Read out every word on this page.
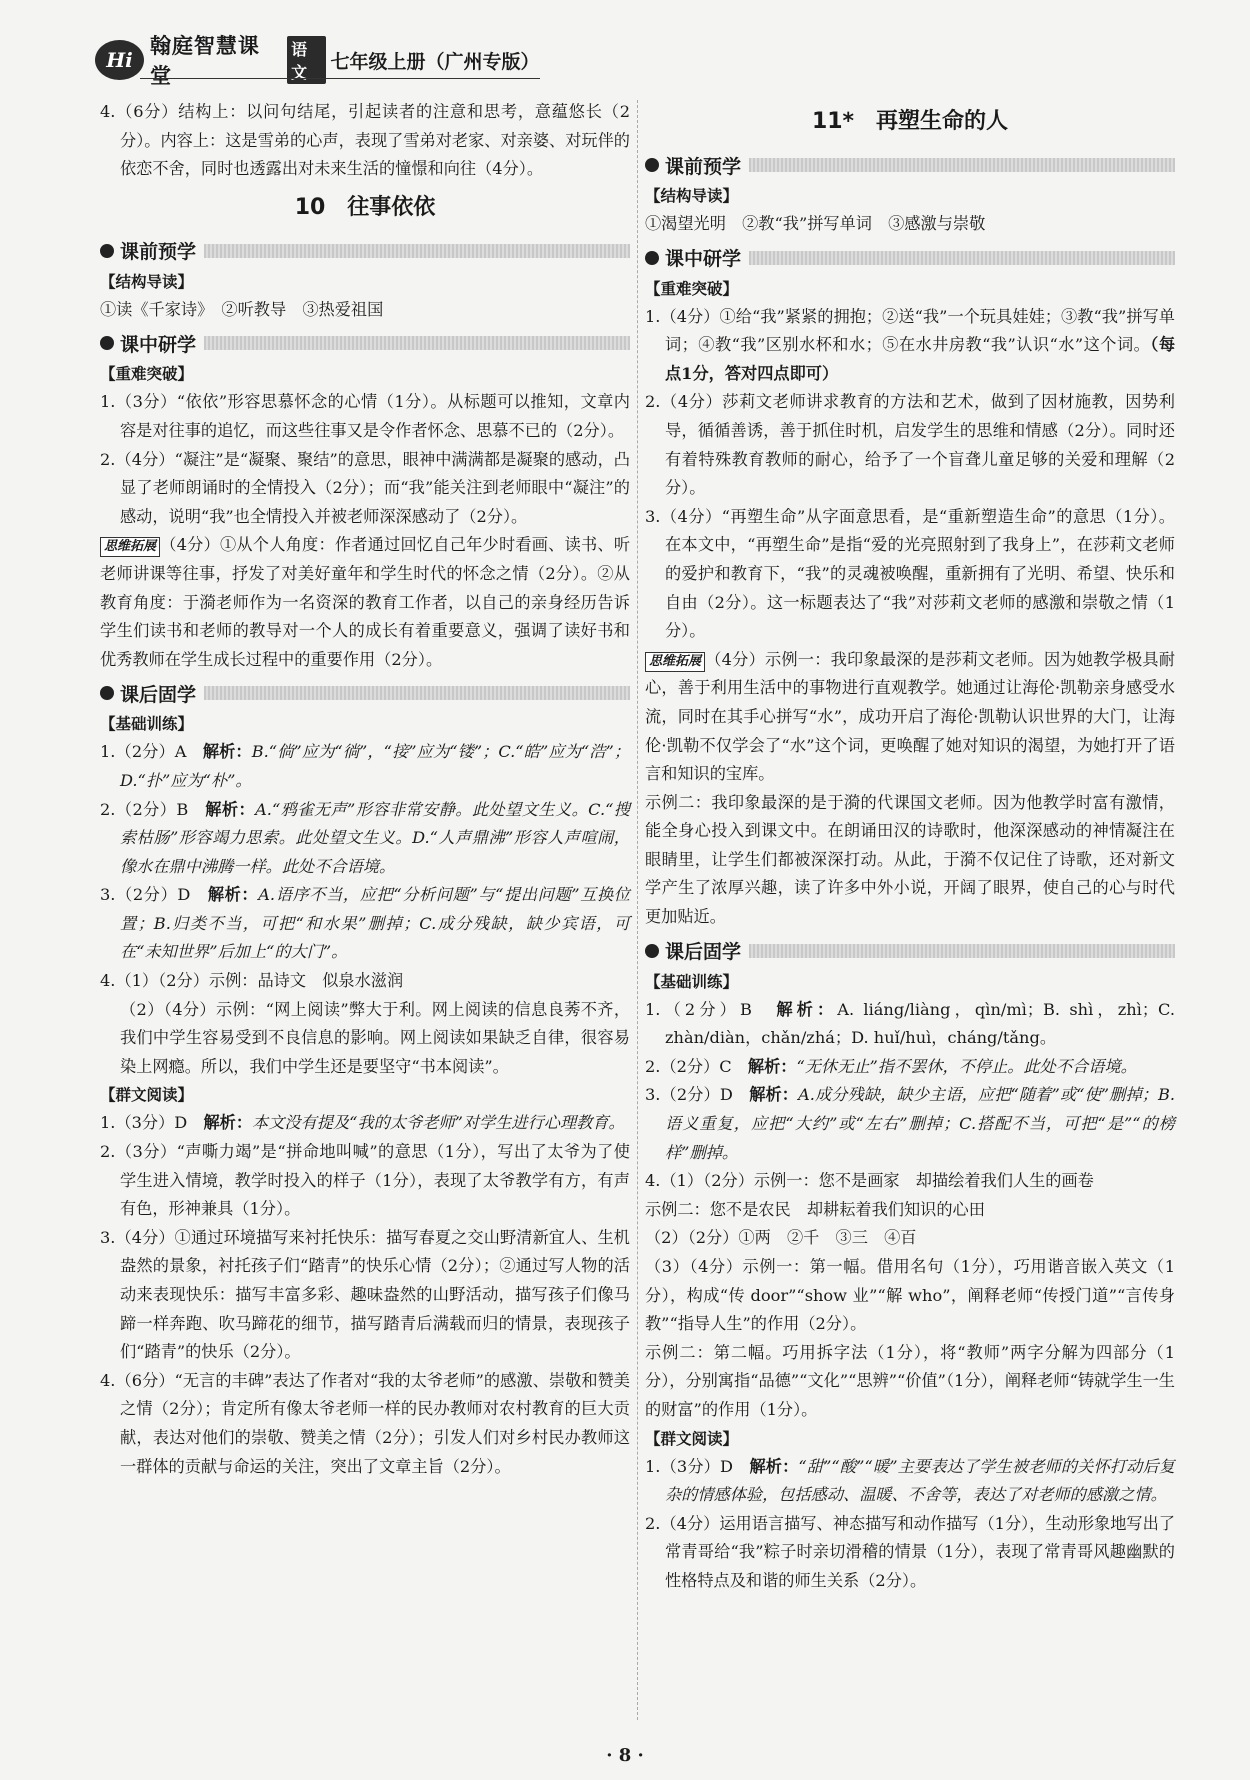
Hi
翰庭智慧课堂
语文	七年级上册（广州专版）

4.（6分）结构上：以问句结尾，引起读者的注意和思考，意蕴悠长（2分）。内容上：这是雪弟的心声，表现了雪弟对老家、对亲婆、对玩伴的依恋不舍，同时也透露出对未来生活的憧憬和向往（4分）。

10　往事依依
课前预学
【结构导读】

①读《千家诗》　②听教导　③热爱祖国

课中研学
【重难突破】

1.（3分）“依依”形容思慕怀念的心情（1分）。从标题可以推知，文章内容是对往事的追忆，而这些往事又是令作者怀念、思慕不已的（2分）。

2.（4分）“凝注”是“凝聚、聚结”的意思，眼神中满满都是凝聚的感动，凸显了老师朗诵时的全情投入（2分）；而“我”能关注到老师眼中“凝注”的感动，说明“我”也全情投入并被老师深深感动了（2分）。

思维拓展 （4分）①从个人角度：作者通过回忆自己年少时看画、读书、听老师讲课等往事，抒发了对美好童年和学生时代的怀念之情（2分）。②从教育角度：于漪老师作为一名资深的教育工作者，以自己的亲身经历告诉学生们读书和老师的教导对一个人的成长有着重要意义，强调了读好书和优秀教师在学生成长过程中的重要作用（2分）。

课后固学
【基础训练】

1.（2分）A　解析：B.“倘”应为“徜”，“接”应为“镂”；C.“皓”应为“浩”；D.“扑”应为“朴”。

2.（2分）B　解析：A.“鸦雀无声”形容非常安静。此处望文生义。C.“搜索枯肠”形容竭力思索。此处望文生义。D.“人声鼎沸”形容人声喧闹，像水在鼎中沸腾一样。此处不合语境。

3.（2分）D　解析：A.语序不当，应把“分析问题”与“提出问题”互换位置；B.归类不当，可把“和水果”删掉；C.成分残缺，缺少宾语，可在“未知世界”后加上“的大门”。

4.（1）（2分）示例：品诗文　似泉水滋润

（2）（4分）示例：“网上阅读”弊大于利。网上阅读的信息良莠不齐，我们中学生容易受到不良信息的影响。网上阅读如果缺乏自律，很容易染上网瘾。所以，我们中学生还是要坚守“书本阅读”。

【群文阅读】

1.（3分）D　解析：本文没有提及“我的太爷老师”对学生进行心理教育。

2.（3分）“声嘶力竭”是“拼命地叫喊”的意思（1分），写出了太爷为了使学生进入情境，教学时投入的样子（1分），表现了太爷教学有方，有声有色，形神兼具（1分）。

3.（4分）①通过环境描写来衬托快乐：描写春夏之交山野清新宜人、生机盎然的景象，衬托孩子们“踏青”的快乐心情（2分）；②通过写人物的活动来表现快乐：描写丰富多彩、趣味盎然的山野活动，描写孩子们像马蹄一样奔跑、吹马蹄花的细节，描写踏青后满载而归的情景，表现孩子们“踏青”的快乐（2分）。

4.（6分）“无言的丰碑”表达了作者对“我的太爷老师”的感激、崇敬和赞美之情（2分）；肯定所有像太爷老师一样的民办教师对农村教育的巨大贡献，表达对他们的崇敬、赞美之情（2分）；引发人们对乡村民办教师这一群体的贡献与命运的关注，突出了文章主旨（2分）。

11*　再塑生命的人
课前预学
【结构导读】

①渴望光明　②教“我”拼写单词　③感激与崇敬

课中研学
【重难突破】

1.（4分）①给“我”紧紧的拥抱；②送“我”一个玩具娃娃；③教“我”拼写单词；④教“我”区别水杯和水；⑤在水井房教“我”认识“水”这个词。（每点1分，答对四点即可）

2.（4分）莎莉文老师讲求教育的方法和艺术，做到了因材施教，因势利导，循循善诱，善于抓住时机，启发学生的思维和情感（2分）。同时还有着特殊教育教师的耐心，给予了一个盲聋儿童足够的关爱和理解（2分）。

3.（4分）“再塑生命”从字面意思看，是“重新塑造生命”的意思（1分）。在本文中，“再塑生命”是指“爱的光亮照射到了我身上”，在莎莉文老师的爱护和教育下，“我”的灵魂被唤醒，重新拥有了光明、希望、快乐和自由（2分）。这一标题表达了“我”对莎莉文老师的感激和崇敬之情（1分）。

思维拓展 （4分）示例一：我印象最深的是莎莉文老师。因为她教学极具耐心，善于利用生活中的事物进行直观教学。她通过让海伦·凯勒亲身感受水流，同时在其手心拼写“水”，成功开启了海伦·凯勒认识世界的大门，让海伦·凯勒不仅学会了“水”这个词，更唤醒了她对知识的渴望，为她打开了语言和知识的宝库。

示例二：我印象最深的是于漪的代课国文老师。因为他教学时富有激情，能全身心投入到课文中。在朗诵田汉的诗歌时，他深深感动的神情凝注在眼睛里，让学生们都被深深打动。从此，于漪不仅记住了诗歌，还对新文学产生了浓厚兴趣，读了许多中外小说，开阔了眼界，使自己的心与时代更加贴近。

课后固学
【基础训练】

1.（2分）B　解析：A. liáng/liàng，qìn/mì；B. shì，zhì；C. zhàn/diàn，chǎn/zhá；D. huǐ/huì，cháng/tǎng。

2.（2分）C　解析：“无休无止”指不罢休，不停止。此处不合语境。

3.（2分）D　解析：A.成分残缺，缺少主语，应把“随着”或“使”删掉；B.语义重复，应把“大约”或“左右”删掉；C.搭配不当，可把“是”“的榜样”删掉。

4.（1）（2分）示例一：您不是画家　却描绘着我们人生的画卷

示例二：您不是农民　却耕耘着我们知识的心田

（2）（2分）①两　②千　③三　④百

（3）（4分）示例一：第一幅。借用名句（1分），巧用谐音嵌入英文（1分），构成“传 door”“show 业”“解 who”，阐释老师“传授门道”“言传身教”“指导人生”的作用（2分）。

示例二：第二幅。巧用拆字法（1分），将“教师”两字分解为四部分（1分），分别寓指“品德”“文化”“思辨”“价值”（1分），阐释老师“铸就学生一生的财富”的作用（1分）。

【群文阅读】

1.（3分）D　解析：“甜”“酸”“暖”主要表达了学生被老师的关怀打动后复杂的情感体验，包括感动、温暖、不舍等，表达了对老师的感激之情。

2.（4分）运用语言描写、神态描写和动作描写（1分），生动形象地写出了常青哥给“我”粽子时亲切滑稽的情景（1分），表现了常青哥风趣幽默的性格特点及和谐的师生关系（2分）。

· 8 ·
